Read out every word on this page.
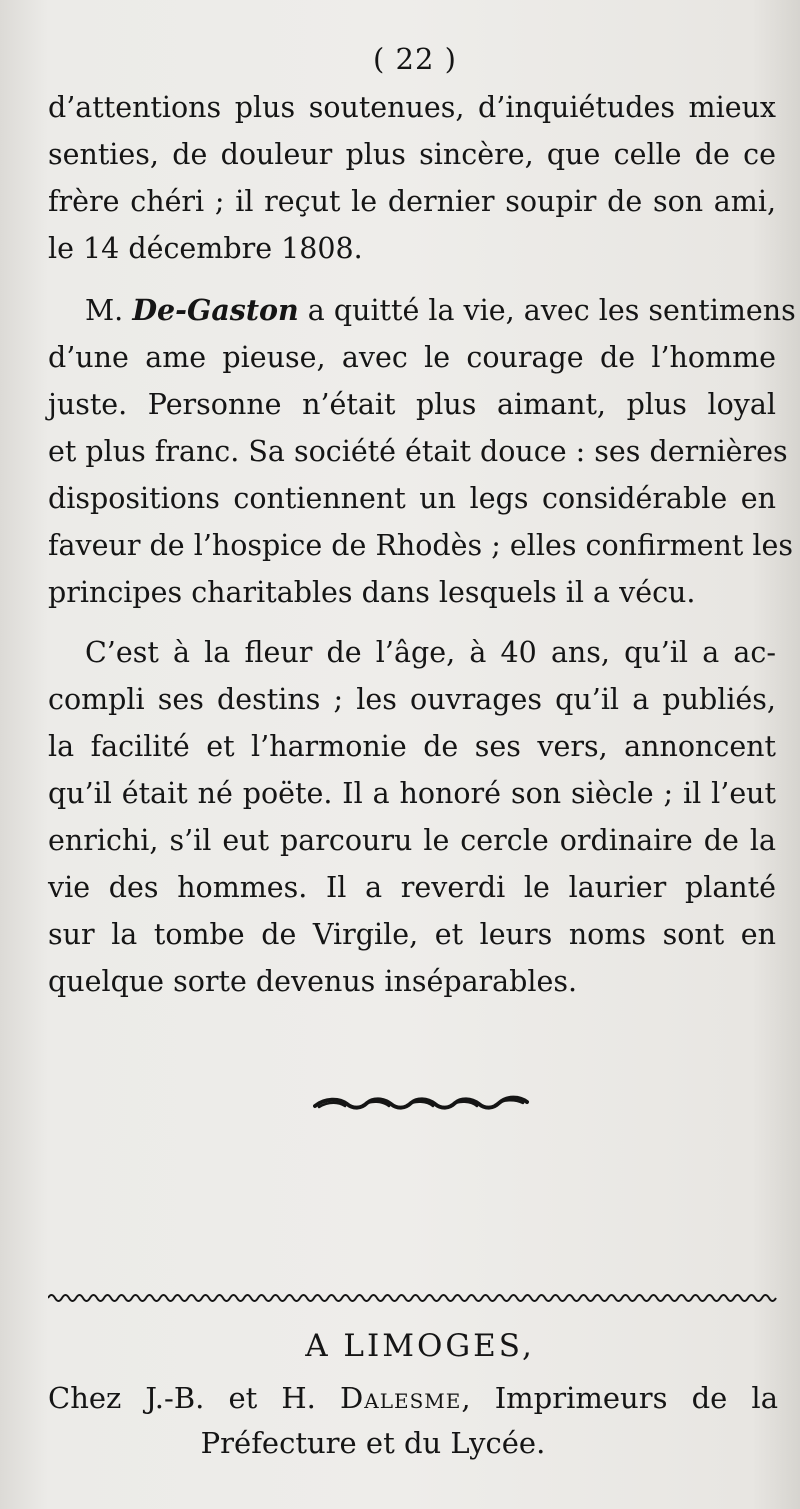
( 22 )
d’attentions plus soutenues, d’inquiétudes mieux
senties, de douleur plus sincère, que celle de ce
frère chéri ; il reçut le dernier soupir de son ami,
le 14 décembre 1808.
M. De-Gaston a quitté la vie, avec les sentimens
d’une ame pieuse, avec le courage de l’homme
juste. Personne n’était plus aimant, plus loyal
et plus franc. Sa société était douce : ses dernières
dispositions contiennent un legs considérable en
faveur de l’hospice de Rhodès ; elles confirment les
principes charitables dans lesquels il a vécu.
C’est à la fleur de l’âge, à 40 ans, qu’il a ac-
compli ses destins ; les ouvrages qu’il a publiés,
la facilité et l’harmonie de ses vers, annoncent
qu’il était né poëte. Il a honoré son siècle ; il l’eut
enrichi, s’il eut parcouru le cercle ordinaire de la
vie des hommes. Il a reverdi le laurier planté
sur la tombe de Virgile, et leurs noms sont en
quelque sorte devenus inséparables.
A LIMOGES,
Chez J.-B. et H. Dalesme, Imprimeurs de la
Préfecture et du Lycée.
